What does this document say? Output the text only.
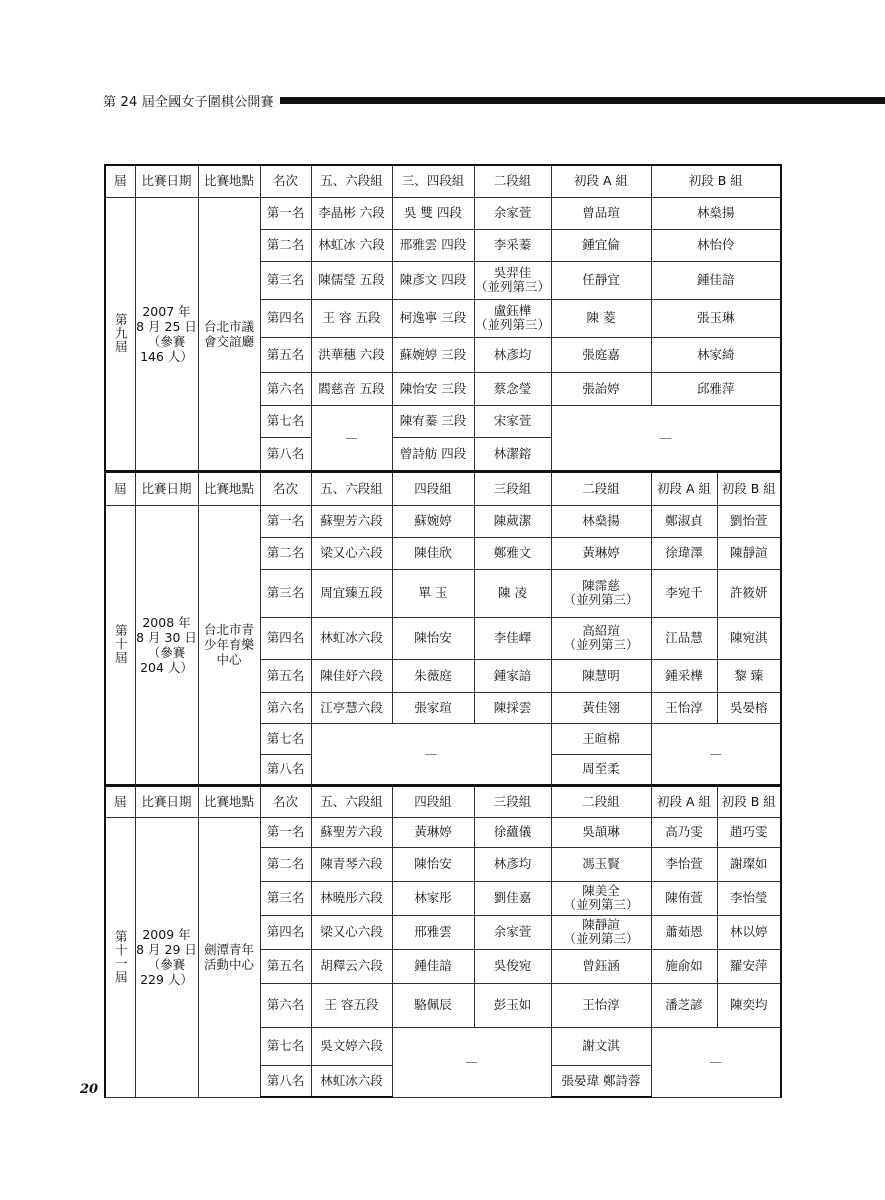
第 24 屆全國女子圍棋公開賽
屆	比賽日期	比賽地點	名次	五、六段組	三、四段組	二段組	初段 A 組	初段 B 組	

第九屆	2007 年
8 月 25 日
（參賽
146 人）	台北市議
會交誼廳	第一名	李晶彬 六段	吳 雙 四段	余家萱	曾品瑄	林燊揚	
			第二名	林虹冰 六段	邢雅雲 四段	李采蓁	鍾宜倫	林怡伶	
			第三名	陳儒瑩 五段	陳彥文 四段	吳羿佳
（並列第三）	任靜宜	鍾佳諳	
			第四名	王 容 五段	柯逸寧 三段	盧鈺樺
（並列第三）	陳 菱	張玉琳	
			第五名	洪華穗 六段	蘇婉婷 三段	林彥均	張庭嘉	林家綺	
			第六名	閻慈音 五段	陳怡安 三段	蔡念瑩	張詒婷	邱雅萍	
			第七名	—	陳宥蓁 三段	宋家萱	—		
			第八名		曾詩舫 四段	林潔鎔			
屆	比賽日期	比賽地點	名次	五、六段組	四段組	三段組	二段組	初段 A 組	初段 B 組

第十屆	2008 年
8 月 30 日
（參賽
204 人）	台北市青
少年育樂
中心	第一名	蘇聖芳六段	蘇婉婷	陳葳潔	林燊揚	鄭淑貞	劉怡萱
			第二名	梁又心六段	陳佳欣	鄭雅文	黃琳婷	徐瑋澤	陳靜諠
			第三名	周宜臻五段	單 玉	陳 凌	陳霈慈
（並列第三）	李宛千	許筱妍
			第四名	林虹冰六段	陳怡安	李佳嶧	高紹瑄
（並列第三）	江品慧	陳宛淇
			第五名	陳佳妤六段	朱薇庭	鍾家諳	陳慧明	鍾采樺	黎 臻
			第六名	江亭慧六段	張家瑄	陳採雲	黃佳翎	王怡淳	吳晏榕
			第七名	—			王暄棉	—	
			第八名				周至柔		
屆	比賽日期	比賽地點	名次	五、六段組	四段組	三段組	二段組	初段 A 組	初段 B 組

第十一屆	2009 年
8 月 29 日
（參賽
229 人）	劍潭青年
活動中心	第一名	蘇聖芳六段	黃琳婷	徐蘊儀	吳頡琳	高乃雯	趙巧雯
			第二名	陳青琴六段	陳怡安	林彥均	馮玉賢	李怡萱	謝璨如
			第三名	林曉彤六段	林家彤	劉佳嘉	陳美全
（並列第三）	陳侑萱	李怡瑩
			第四名	梁又心六段	邢雅雲	余家萱	陳靜諠
（並列第三）	蕭茹恩	林以婷
			第五名	胡釋云六段	鍾佳諳	吳俊宛	曾鈺涵	施俞如	羅安萍
			第六名	王 容五段	駱佩辰	彭玉如	王怡淳	潘芝諺	陳奕均
			第七名	吳文婷六段	—		謝文淇	—	
			第八名	林虹冰六段			張晏瑋 鄭詩蓉		
20
